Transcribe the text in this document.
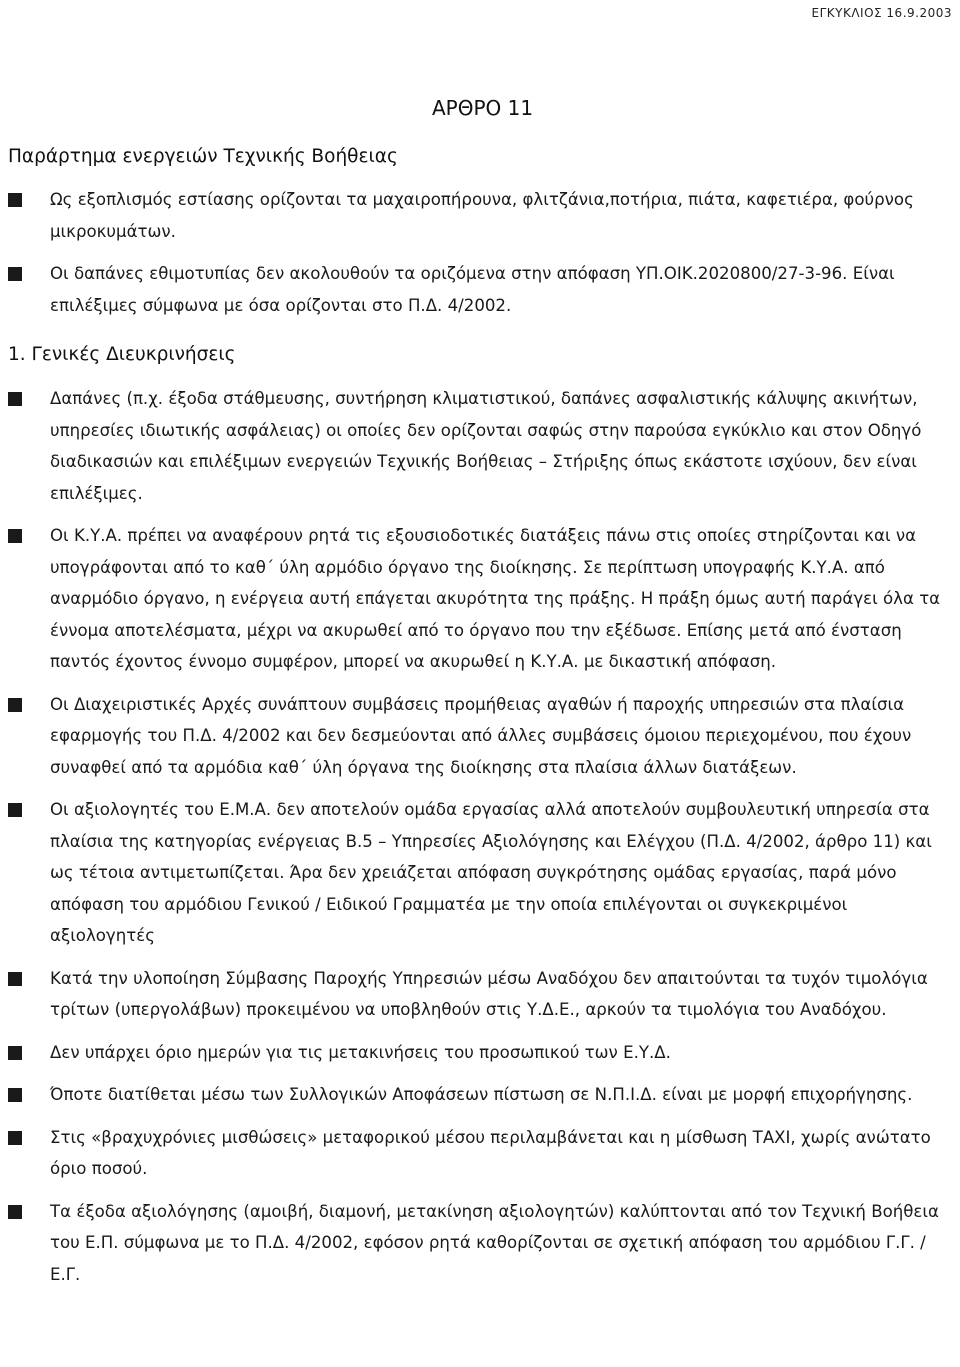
ΕΓΚΥΚΛΙΟΣ 16.9.2003
ΑΡΘΡΟ 11
Παράρτημα ενεργειών Τεχνικής Βοήθειας
Ως εξοπλισμός εστίασης ορίζονται τα μαχαιροπήρουνα, φλιτζάνια,ποτήρια, πιάτα, καφετιέρα, φούρνος μικροκυμάτων.
Οι δαπάνες εθιμοτυπίας δεν ακολουθούν τα οριζόμενα στην απόφαση ΥΠ.ΟΙΚ.2020800/27-3-96. Είναι επιλέξιμες σύμφωνα με όσα ορίζονται στο Π.Δ. 4/2002.
1. Γενικές Διευκρινήσεις
Δαπάνες (π.χ. έξοδα στάθμευσης, συντήρηση κλιματιστικού, δαπάνες ασφαλιστικής κάλυψης ακινήτων, υπηρεσίες ιδιωτικής ασφάλειας) οι οποίες δεν ορίζονται σαφώς στην παρούσα εγκύκλιο και στον Οδηγό διαδικασιών και επιλέξιμων ενεργειών Τεχνικής Βοήθειας – Στήριξης όπως εκάστοτε ισχύουν, δεν είναι επιλέξιμες.
Οι Κ.Υ.Α. πρέπει να αναφέρουν ρητά τις εξουσιοδοτικές διατάξεις πάνω στις οποίες στηρίζονται και να υπογράφονται από το καθ΄ ύλη αρμόδιο όργανο της διοίκησης. Σε περίπτωση υπογραφής Κ.Υ.Α. από αναρμόδιο όργανο, η ενέργεια αυτή επάγεται ακυρότητα της πράξης. Η πράξη όμως αυτή παράγει όλα τα έννομα αποτελέσματα, μέχρι να ακυρωθεί από το όργανο που την εξέδωσε. Επίσης μετά από ένσταση παντός έχοντος έννομο συμφέρον, μπορεί να ακυρωθεί η Κ.Υ.Α. με δικαστική απόφαση.
Οι Διαχειριστικές Αρχές συνάπτουν συμβάσεις προμήθειας αγαθών ή παροχής υπηρεσιών στα πλαίσια εφαρμογής του Π.Δ. 4/2002 και δεν δεσμεύονται από άλλες συμβάσεις όμοιου περιεχομένου, που έχουν συναφθεί από τα αρμόδια καθ΄ ύλη όργανα της διοίκησης στα πλαίσια άλλων διατάξεων.
Οι αξιολογητές του Ε.Μ.Α. δεν αποτελούν ομάδα εργασίας αλλά αποτελούν συμβουλευτική υπηρεσία στα πλαίσια της κατηγορίας ενέργειας Β.5 – Υπηρεσίες Αξιολόγησης και Ελέγχου (Π.Δ. 4/2002, άρθρο 11) και ως τέτοια αντιμετωπίζεται. Άρα δεν χρειάζεται απόφαση συγκρότησης ομάδας εργασίας, παρά μόνο απόφαση του αρμόδιου Γενικού / Ειδικού Γραμματέα με την οποία επιλέγονται οι συγκεκριμένοι αξιολογητές
Κατά την υλοποίηση Σύμβασης Παροχής Υπηρεσιών μέσω Αναδόχου δεν απαιτούνται τα τυχόν τιμολόγια τρίτων (υπεργολάβων) προκειμένου να υποβληθούν στις Υ.Δ.Ε., αρκούν τα τιμολόγια του Αναδόχου.
Δεν υπάρχει όριο ημερών για τις μετακινήσεις του προσωπικού των Ε.Υ.Δ.
Όποτε διατίθεται μέσω των Συλλογικών Αποφάσεων πίστωση σε Ν.Π.Ι.Δ. είναι με μορφή επιχορήγησης.
Στις «βραχυχρόνιες μισθώσεις» μεταφορικού μέσου περιλαμβάνεται και η μίσθωση ΤΑΧΙ, χωρίς ανώτατο όριο ποσού.
Τα έξοδα αξιολόγησης (αμοιβή, διαμονή, μετακίνηση αξιολογητών) καλύπτονται από τον Τεχνική Βοήθεια του Ε.Π. σύμφωνα με το Π.Δ. 4/2002, εφόσον ρητά καθορίζονται σε σχετική απόφαση του αρμόδιου Γ.Γ. /Ε.Γ.
